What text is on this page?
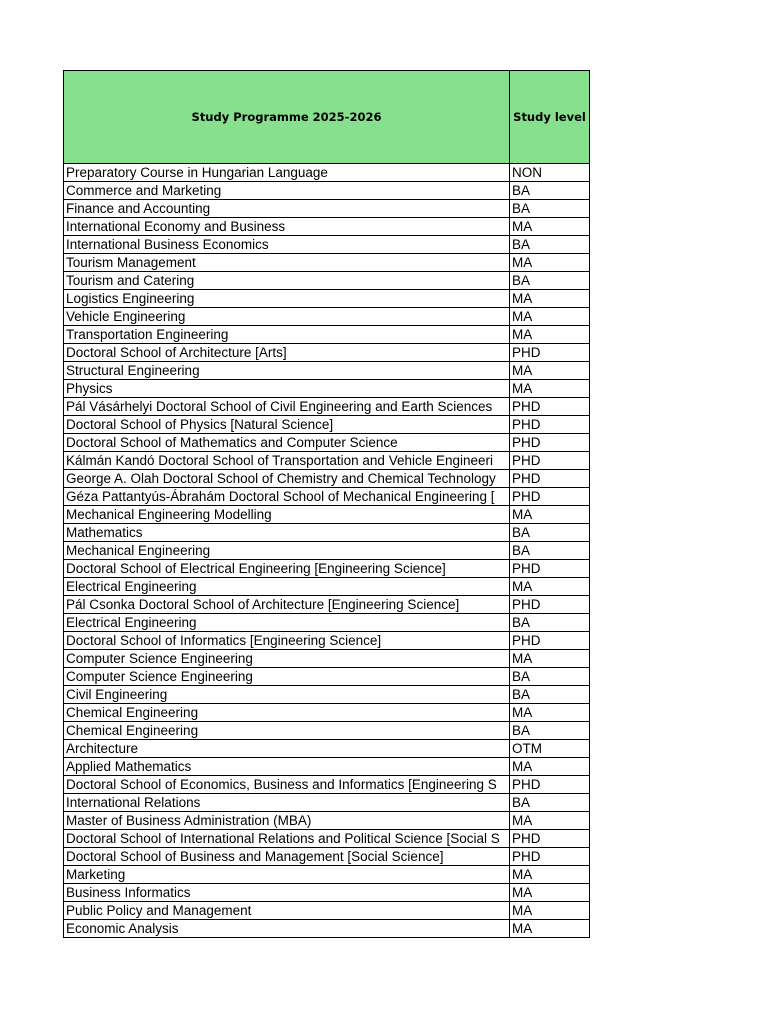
Study Programme 2025-2026	Study level
Preparatory Course in Hungarian Language	NON
Commerce and Marketing	BA
Finance and Accounting	BA
International Economy and Business	MA
International Business Economics	BA
Tourism Management	MA
Tourism and Catering	BA
Logistics Engineering	MA
Vehicle Engineering	MA
Transportation Engineering	MA
Doctoral School of Architecture [Arts]	PHD
Structural Engineering	MA
Physics	MA
Pál Vásárhelyi Doctoral School of Civil Engineering and Earth Sciences	PHD
Doctoral School of Physics [Natural Science]	PHD
Doctoral School of Mathematics and Computer Science	PHD
Kálmán Kandó Doctoral School of Transportation and Vehicle Engineeri	PHD
George A. Olah Doctoral School of Chemistry and Chemical Technology	PHD
Géza Pattantyús-Ábrahám Doctoral School of Mechanical Engineering [	PHD
Mechanical Engineering Modelling	MA
Mathematics	BA
Mechanical Engineering	BA
Doctoral School of Electrical Engineering [Engineering Science]	PHD
Electrical Engineering	MA
Pál Csonka Doctoral School of Architecture [Engineering Science]	PHD
Electrical Engineering	BA
Doctoral School of Informatics [Engineering Science]	PHD
Computer Science Engineering	MA
Computer Science Engineering	BA
Civil Engineering	BA
Chemical Engineering	MA
Chemical Engineering	BA
Architecture	OTM
Applied Mathematics	MA
Doctoral School of Economics, Business and Informatics [Engineering S	PHD
International Relations	BA
Master of Business Administration (MBA)	MA
Doctoral School of International Relations and Political Science [Social S	PHD
Doctoral School of Business and Management [Social Science]	PHD
Marketing	MA
Business Informatics	MA
Public Policy and Management	MA
Economic Analysis	MA
